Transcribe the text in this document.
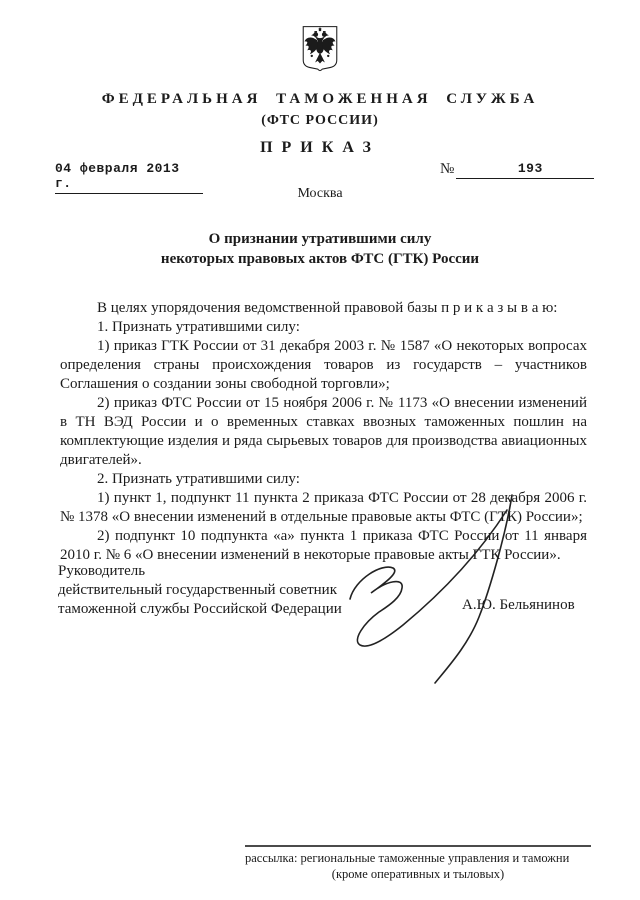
ФЕДЕРАЛЬНАЯ ТАМОЖЕННАЯ СЛУЖБА
(ФТС РОССИИ)
ПРИКАЗ
04 февраля 2013 г.
№	193
Москва
О признании утратившими силу
некоторых правовых актов ФТС (ГТК) России

В целях упорядочения ведомственной правовой базы п р и к а з ы в а ю:

1. Признать утратившими силу:

1) приказ ГТК России от 31 декабря 2003 г. № 1587 «О некоторых вопросах определения страны происхождения товаров из государств – участников Соглашения о создании зоны свободной торговли»;

2) приказ ФТС России от 15 ноября 2006 г. № 1173 «О внесении изменений в ТН ВЭД России и о временных ставках ввозных таможенных пошлин на комплектующие изделия и ряда сырьевых товаров для производства авиационных двигателей».

2. Признать утратившими силу:

1) пункт 1, подпункт 11 пункта 2 приказа ФТС России от 28 декабря 2006 г. № 1378 «О внесении изменений в отдельные правовые акты ФТС (ГТК) России»;

2) подпункт 10 подпункта «а» пункта 1 приказа ФТС России от 11 января 2010 г. № 6 «О внесении изменений в некоторые правовые акты ГТК России».

Руководитель
действительный государственный советник
таможенной службы Российской Федерации	А.Ю. Бельянинов
рассылка: региональные таможенные управления и таможни
(кроме оперативных и тыловых)
